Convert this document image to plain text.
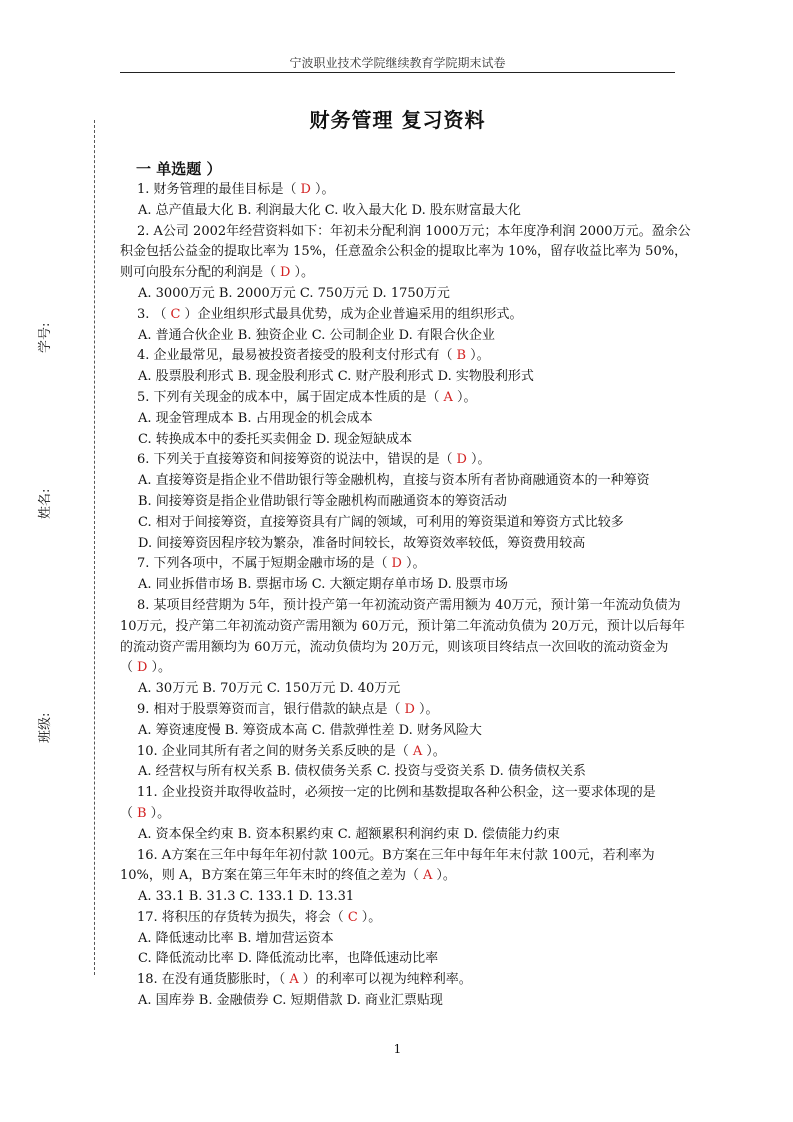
宁波职业技术学院继续教育学院期末试卷
学号:
姓名:
班级:
财务管理 复习资料
一 单选题 ）
1. 财务管理的最佳目标是（ D ）。
A. 总产值最大化 B. 利润最大化 C. 收入最大化 D. 股东财富最大化
2. A公司 2002年经营资料如下：年初未分配利润 1000万元；本年度净利润 2000万元。盈余公积金包括公益金的提取比率为 15%，任意盈余公积金的提取比率为 10%，留存收益比率为 50%，则可向股东分配的利润是（ D ）。
A. 3000万元 B. 2000万元 C. 750万元 D. 1750万元
3. （ C ）企业组织形式最具优势，成为企业普遍采用的组织形式。
A. 普通合伙企业 B. 独资企业 C. 公司制企业 D. 有限合伙企业
4. 企业最常见，最易被投资者接受的股利支付形式有（ B ）。
A. 股票股利形式 B. 现金股利形式 C. 财产股利形式 D. 实物股利形式
5. 下列有关现金的成本中，属于固定成本性质的是（ A ）。
A. 现金管理成本 B. 占用现金的机会成本
C. 转换成本中的委托买卖佣金 D. 现金短缺成本
6. 下列关于直接筹资和间接筹资的说法中，错误的是（ D ）。
A. 直接筹资是指企业不借助银行等金融机构，直接与资本所有者协商融通资本的一种筹资
B. 间接筹资是指企业借助银行等金融机构而融通资本的筹资活动
C. 相对于间接筹资，直接筹资具有广阔的领域，可利用的筹资渠道和筹资方式比较多
D. 间接筹资因程序较为繁杂，准备时间较长，故筹资效率较低，筹资费用较高
7. 下列各项中，不属于短期金融市场的是（ D ）。
A. 同业拆借市场 B. 票据市场 C. 大额定期存单市场 D. 股票市场
8. 某项目经营期为 5年，预计投产第一年初流动资产需用额为 40万元，预计第一年流动负债为 10万元，投产第二年初流动资产需用额为 60万元，预计第二年流动负债为 20万元，预计以后每年的流动资产需用额均为 60万元，流动负债均为 20万元，则该项目终结点一次回收的流动资金为（ D ）。
A. 30万元 B. 70万元 C. 150万元 D. 40万元
9. 相对于股票筹资而言，银行借款的缺点是（ D ）。
A. 筹资速度慢 B. 筹资成本高 C. 借款弹性差 D. 财务风险大
10. 企业同其所有者之间的财务关系反映的是（ A ）。
A. 经营权与所有权关系 B. 债权债务关系 C. 投资与受资关系 D. 债务债权关系
11. 企业投资并取得收益时，必须按一定的比例和基数提取各种公积金，这一要求体现的是（ B ）。
A. 资本保全约束 B. 资本积累约束 C. 超额累积利润约束 D. 偿债能力约束
16. A方案在三年中每年年初付款 100元。B方案在三年中每年年末付款 100元，若利率为 10%，则 A，B方案在第三年年末时的终值之差为（ A ）。
A. 33.1 B. 31.3 C. 133.1 D. 13.31
17. 将积压的存货转为损失，将会（ C ）。
A. 降低速动比率 B. 增加营运资本
C. 降低流动比率 D. 降低流动比率，也降低速动比率
18. 在没有通货膨胀时，（ A ）的利率可以视为纯粹利率。
A. 国库券 B. 金融债券 C. 短期借款 D. 商业汇票贴现
1
